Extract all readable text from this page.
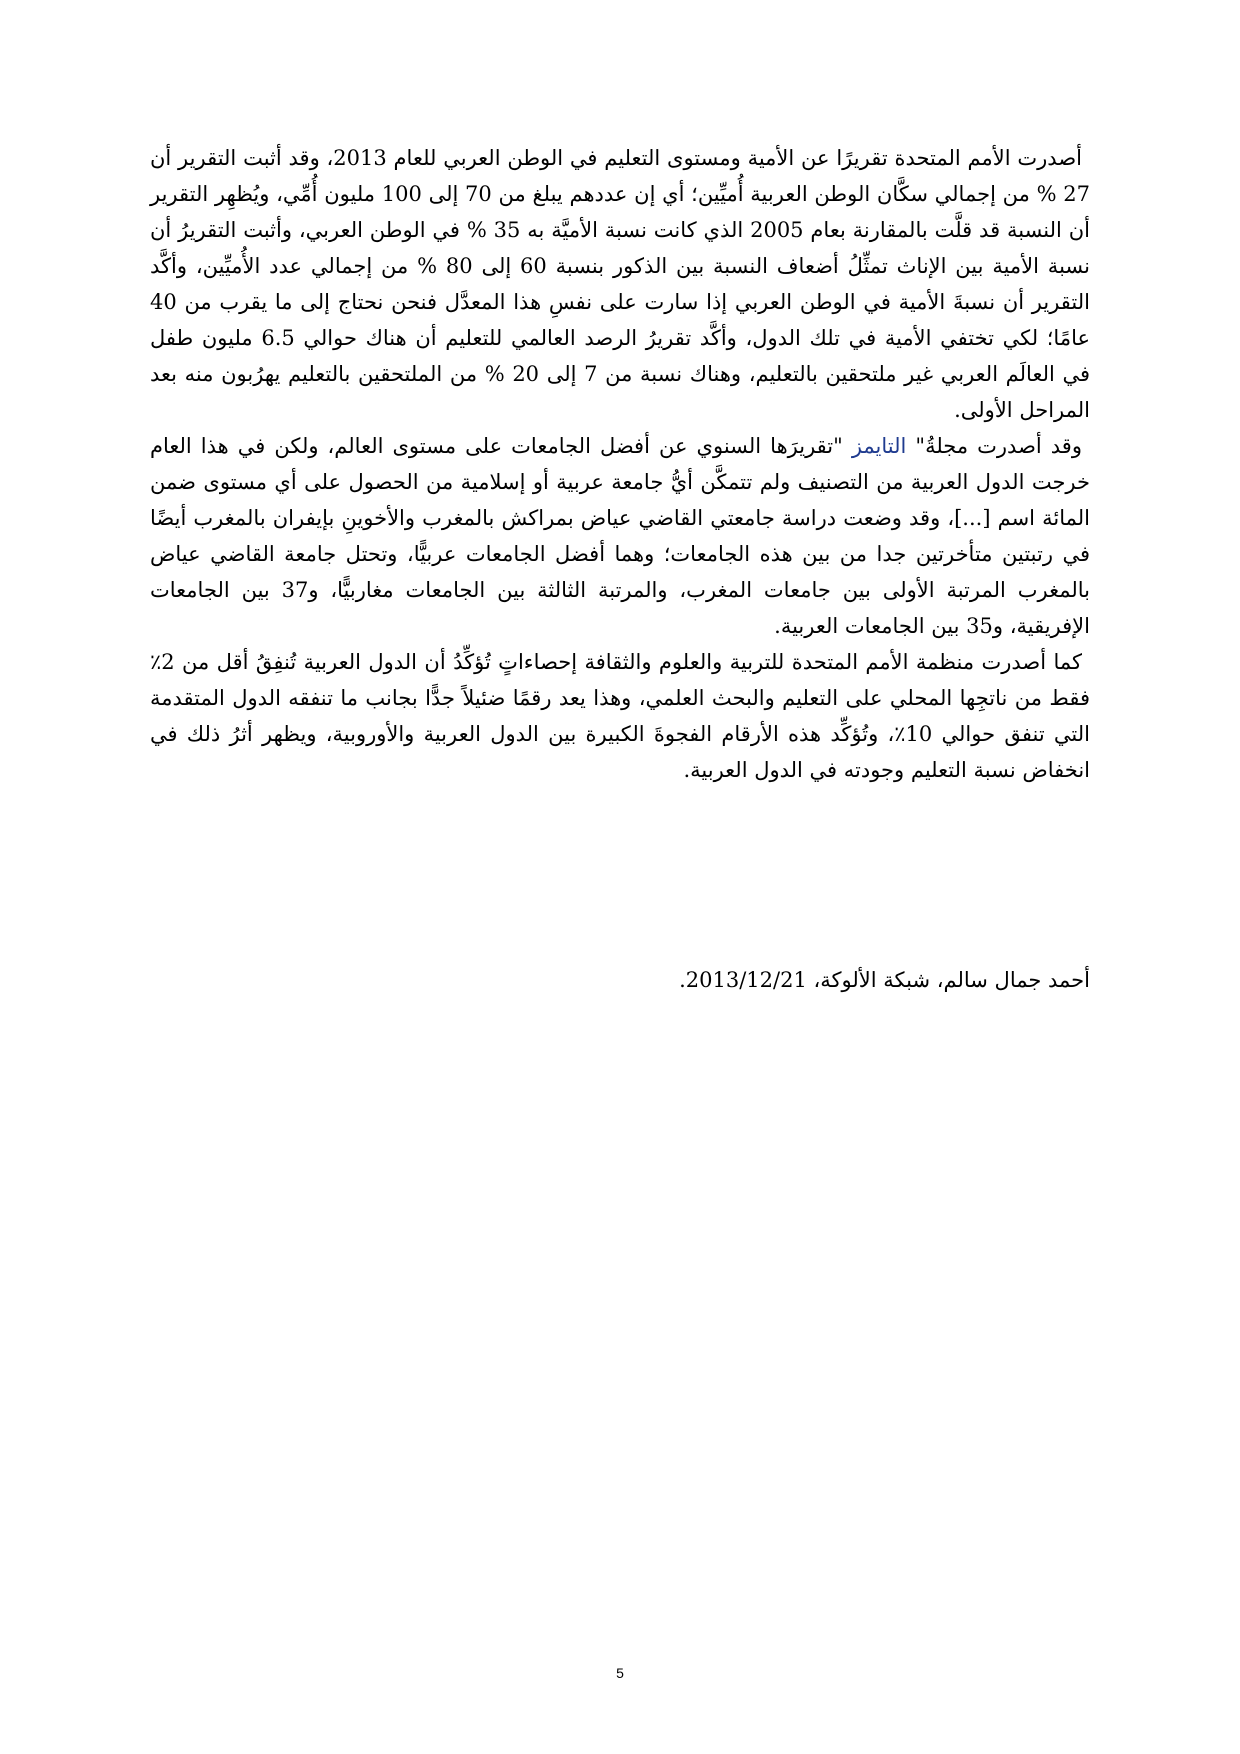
أصدرت الأمم المتحدة تقريرًا عن الأمية ومستوى التعليم في الوطن العربي للعام 2013، وقد أثبت التقرير أن 27 % من إجمالي سكَّان الوطن العربية أُميِّين؛ أي إن عددهم يبلغ من 70 إلى 100 مليون أُمِّي، ويُظهِر التقرير أن النسبة قد قلَّت بالمقارنة بعام 2005 الذي كانت نسبة الأميَّة به 35 % في الوطن العربي، وأثبت التقريرُ أن نسبة الأمية بين الإناث تمثِّلُ أضعاف النسبة بين الذكور بنسبة 60 إلى 80 % من إجمالي عدد الأُميِّين، وأكَّد التقرير أن نسبةَ الأمية في الوطن العربي إذا سارت على نفسِ هذا المعدَّل فنحن نحتاج إلى ما يقرب من 40 عامًا؛ لكي تختفي الأمية في تلك الدول، وأكَّد تقريرُ الرصد العالمي للتعليم أن هناك حوالي 6.5 مليون طفل في العالَم العربي غير ملتحقين بالتعليم، وهناك نسبة من 7 إلى 20 % من الملتحقين بالتعليم يهرُبون منه بعد المراحل الأولى.

وقد أصدرت مجلةُ" التايمز "تقريرَها السنوي عن أفضل الجامعات على مستوى العالم، ولكن في هذا العام خرجت الدول العربية من التصنيف ولم تتمكَّن أيُّ جامعة عربية أو إسلامية من الحصول على أي مستوى ضمن المائة اسم [...]، وقد وضعت دراسة جامعتي القاضي عياض بمراكش بالمغرب والأخوينِ بإيفران بالمغرب أيضًا في رتبتين متأخرتين جدا من بين هذه الجامعات؛ وهما أفضل الجامعات عربيًّا، وتحتل جامعة القاضي عياض بالمغرب المرتبة الأولى بين جامعات المغرب، والمرتبة الثالثة بين الجامعات مغاربيًّا، و37 بين الجامعات الإفريقية، و35 بين الجامعات العربية.

كما أصدرت منظمة الأمم المتحدة للتربية والعلوم والثقافة إحصاءاتٍ تُؤكِّدُ أن الدول العربية تُنفِقُ أقل من 2٪ فقط من ناتجِها المحلي على التعليم والبحث العلمي، وهذا يعد رقمًا ضئيلاً جدًّا بجانب ما تنفقه الدول المتقدمة التي تنفق حوالي 10٪، وتُؤكِّد هذه الأرقام الفجوةَ الكبيرة بين الدول العربية والأوروبية، ويظهر أثرُ ذلك في انخفاض نسبة التعليم وجودته في الدول العربية.

أحمد جمال سالم، شبكة الألوكة، 2013/12/21.

5
